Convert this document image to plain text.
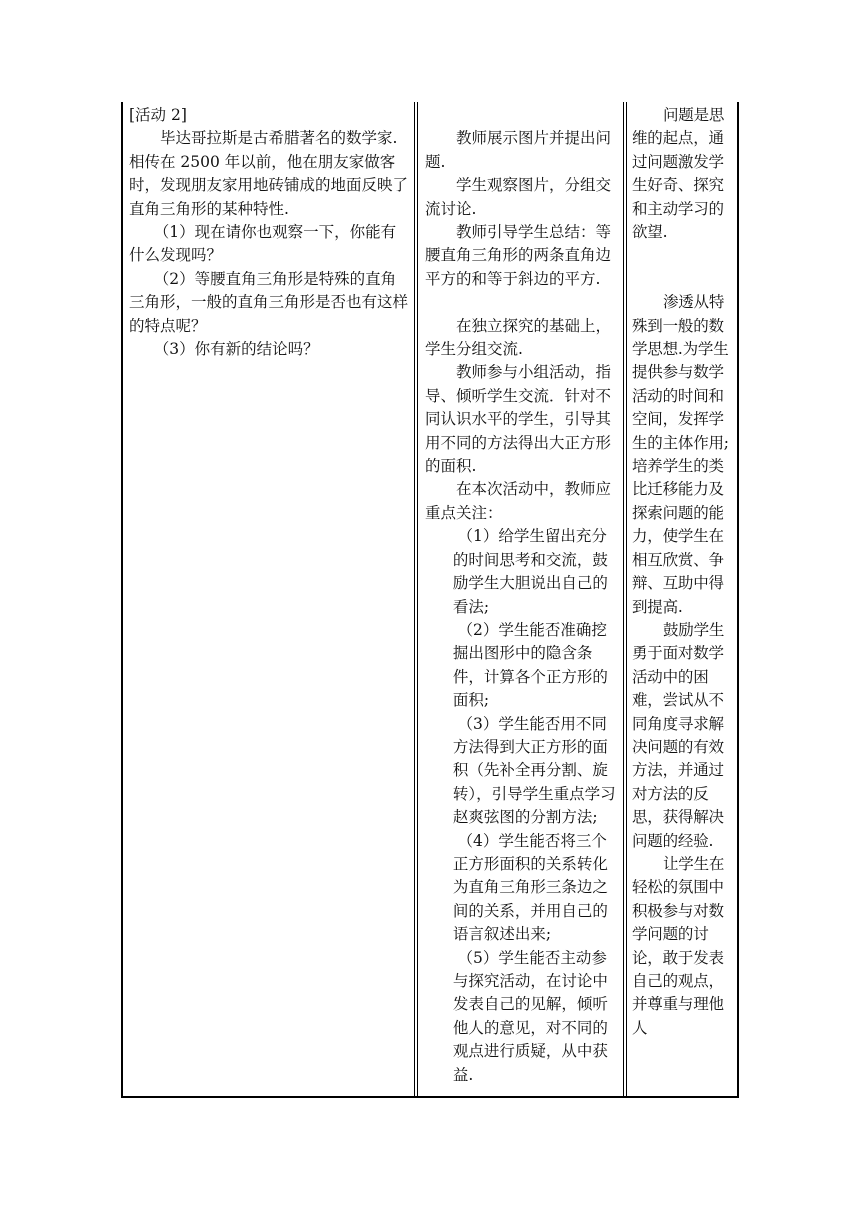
[活动 2]

毕达哥拉斯是古希腊著名的数学家.相传在 2500 年以前，他在朋友家做客时，发现朋友家用地砖铺成的地面反映了直角三角形的某种特性.

（1）现在请你也观察一下，你能有什么发现吗？

（2）等腰直角三角形是特殊的直角三角形，一般的直角三角形是否也有这样的特点呢？

（3）你有新的结论吗？

教师展示图片并提出问题.

学生观察图片，分组交流讨论.

教师引导学生总结：等腰直角三角形的两条直角边平方的和等于斜边的平方.

在独立探究的基础上，学生分组交流.

教师参与小组活动，指导、倾听学生交流．针对不同认识水平的学生，引导其用不同的方法得出大正方形的面积.

在本次活动中，教师应重点关注：

（1）给学生留出充分的时间思考和交流，鼓励学生大胆说出自己的看法;

（2）学生能否准确挖掘出图形中的隐含条件，计算各个正方形的面积;

（3）学生能否用不同方法得到大正方形的面积（先补全再分割、旋转），引导学生重点学习赵爽弦图的分割方法;

（4）学生能否将三个正方形面积的关系转化为直角三角形三条边之间的关系，并用自己的语言叙述出来;

（5）学生能否主动参与探究活动，在讨论中发表自己的见解，倾听他人的意见，对不同的观点进行质疑，从中获益.

问题是思维的起点，通过问题激发学生好奇、探究和主动学习的欲望.

渗透从特殊到一般的数学思想.为学生提供参与数学活动的时间和空间，发挥学生的主体作用;培养学生的类比迁移能力及探索问题的能力，使学生在相互欣赏、争辩、互助中得到提高.

鼓励学生勇于面对数学活动中的困难，尝试从不同角度寻求解决问题的有效方法，并通过对方法的反思，获得解决问题的经验.

让学生在轻松的氛围中积极参与对数学问题的讨论，敢于发表自己的观点，并尊重与理他人
